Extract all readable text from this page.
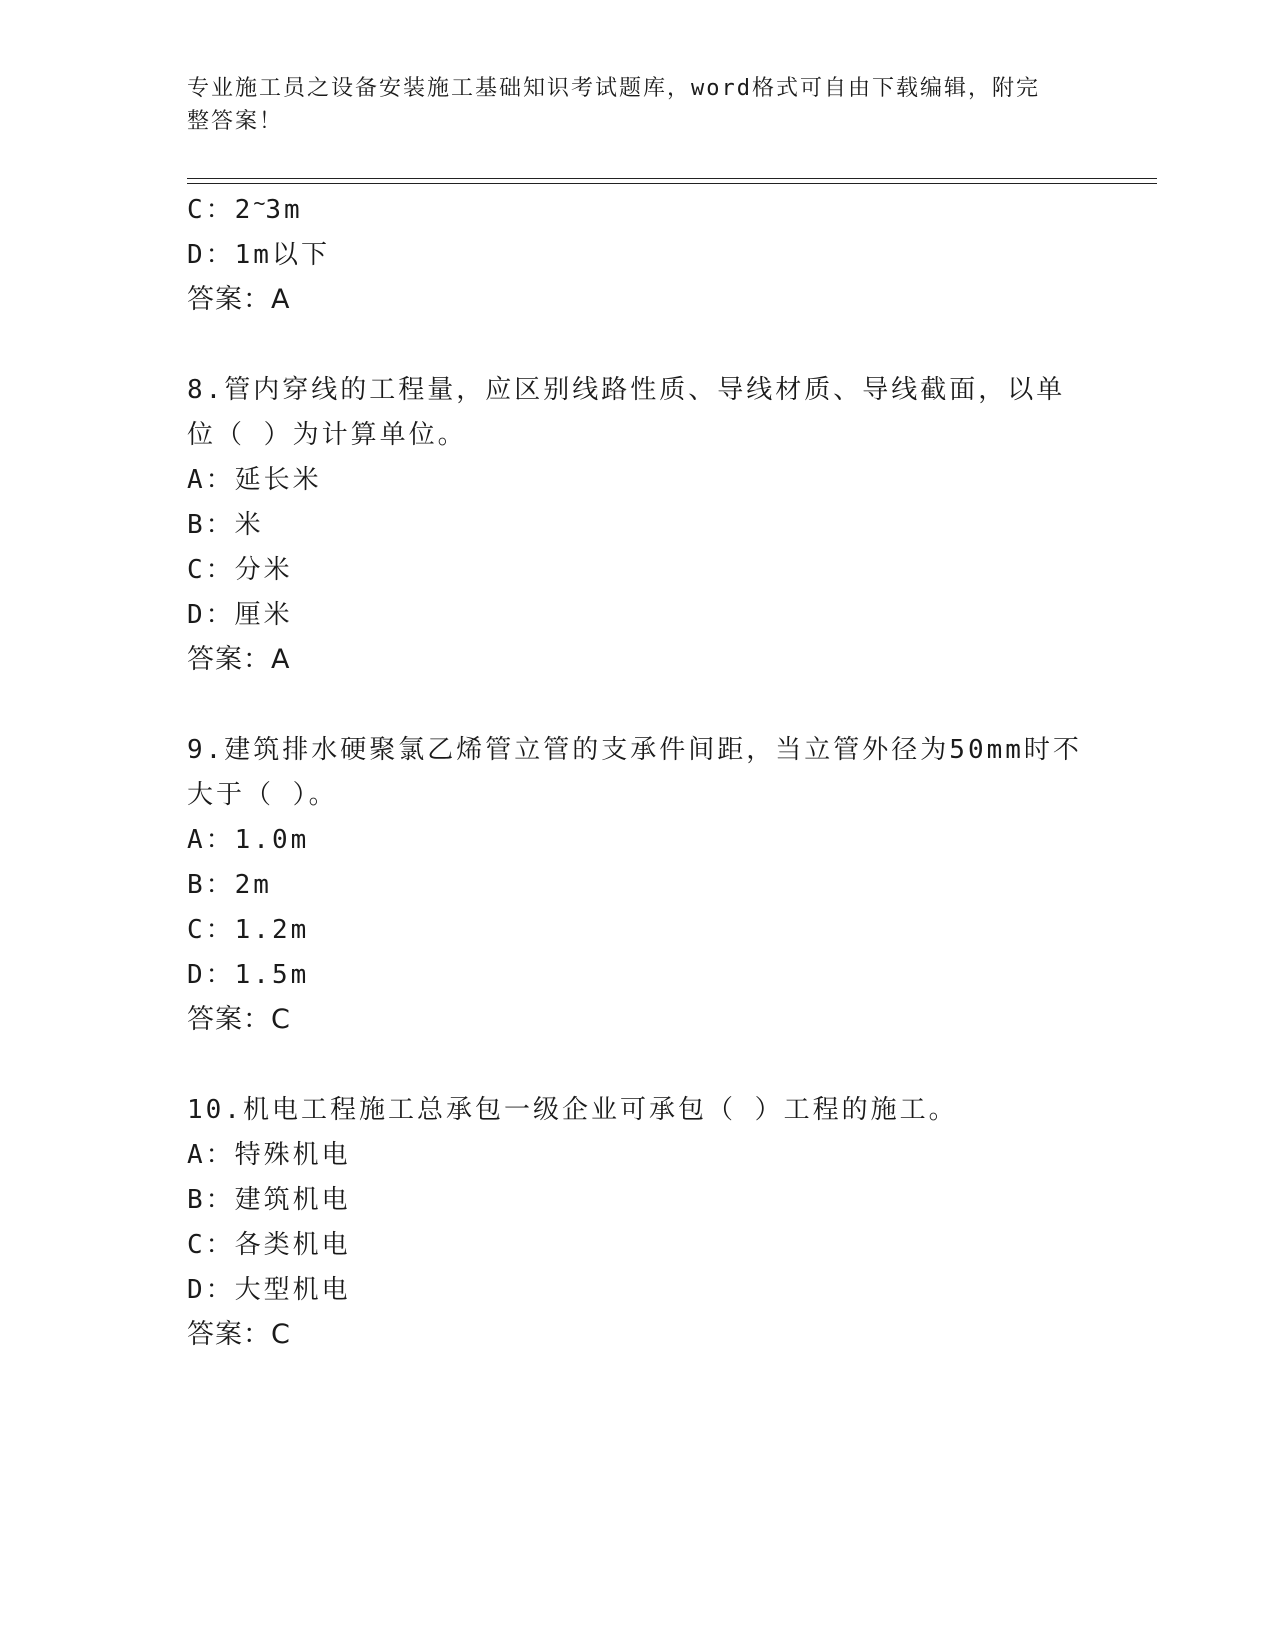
专业施工员之设备安装施工基础知识考试题库，word格式可自由下载编辑，附完
整答案！
C：2~3m
D：1m以下
答案：A
8.管内穿线的工程量，应区别线路性质、导线材质、导线截面，以单
位（ ）为计算单位。
A：延长米
B：米
C：分米
D：厘米
答案：A
9.建筑排水硬聚氯乙烯管立管的支承件间距，当立管外径为50mm时不
大于（ ）。
A：1.0m
B：2m
C：1.2m
D：1.5m
答案：C
10.机电工程施工总承包一级企业可承包（ ）工程的施工。
A：特殊机电
B：建筑机电
C：各类机电
D：大型机电
答案：C
